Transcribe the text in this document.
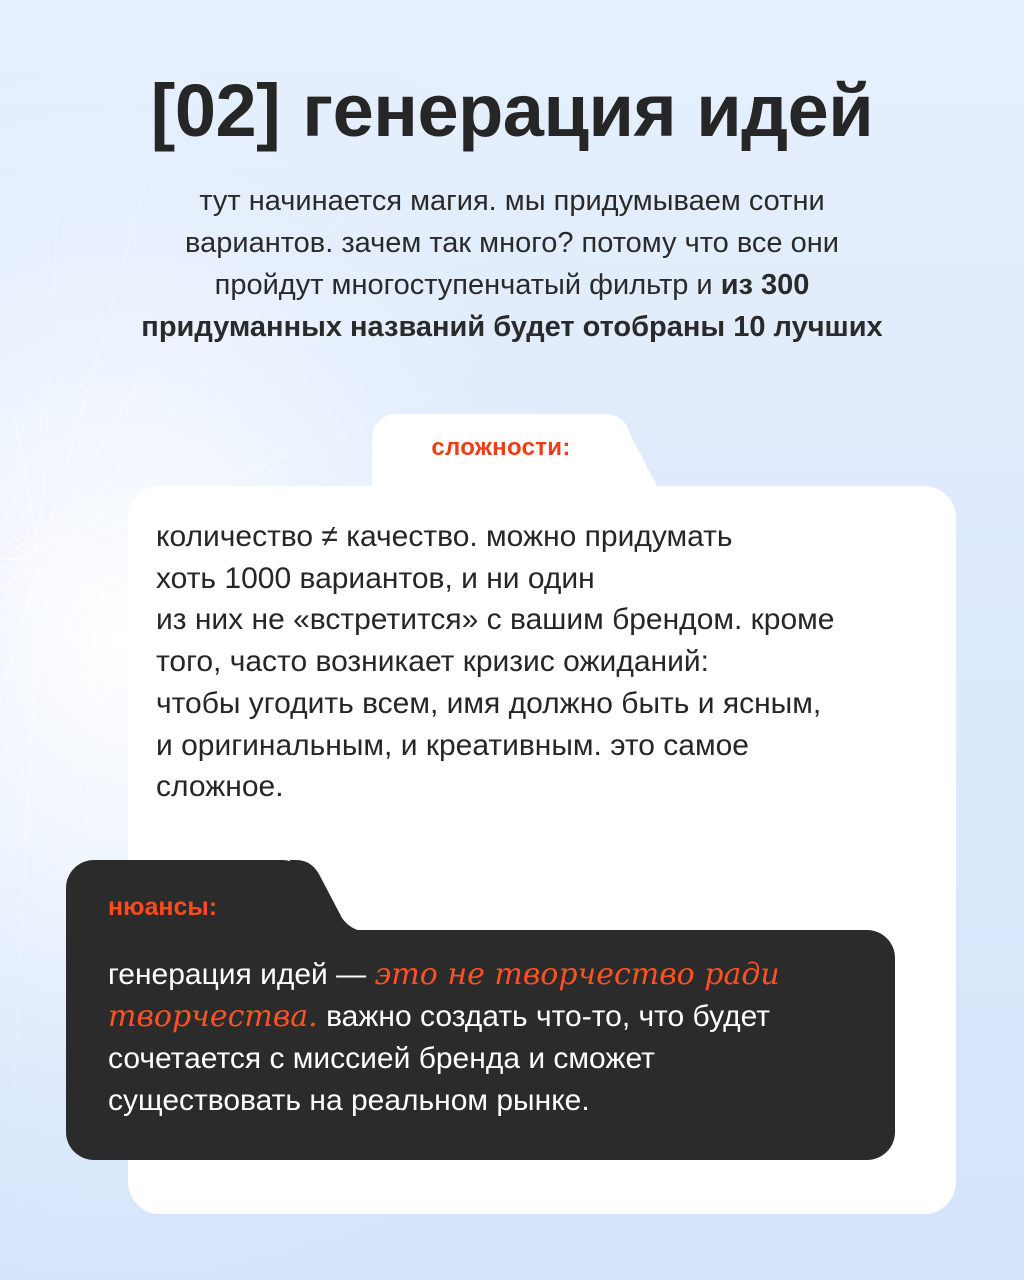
[02] генерация идей

тут начинается магия. мы придумываем сотни

вариантов. зачем так много? потому что все они

пройдут многоступенчатый фильтр и из 300

придуманных названий будет отобраны 10 лучших

сложности:

количество ≠ качество. можно придумать

хоть 1000 вариантов, и ни один

из них не «встретится» с вашим брендом. кроме

того, часто возникает кризис ожиданий:

чтобы угодить всем, имя должно быть и ясным,

и оригинальным, и креативным. это самое

сложное.

нюансы:

генерация идей — это не творчество ради

творчества. важно создать что-то, что будет

сочетается с миссией бренда и сможет

существовать на реальном рынке.
